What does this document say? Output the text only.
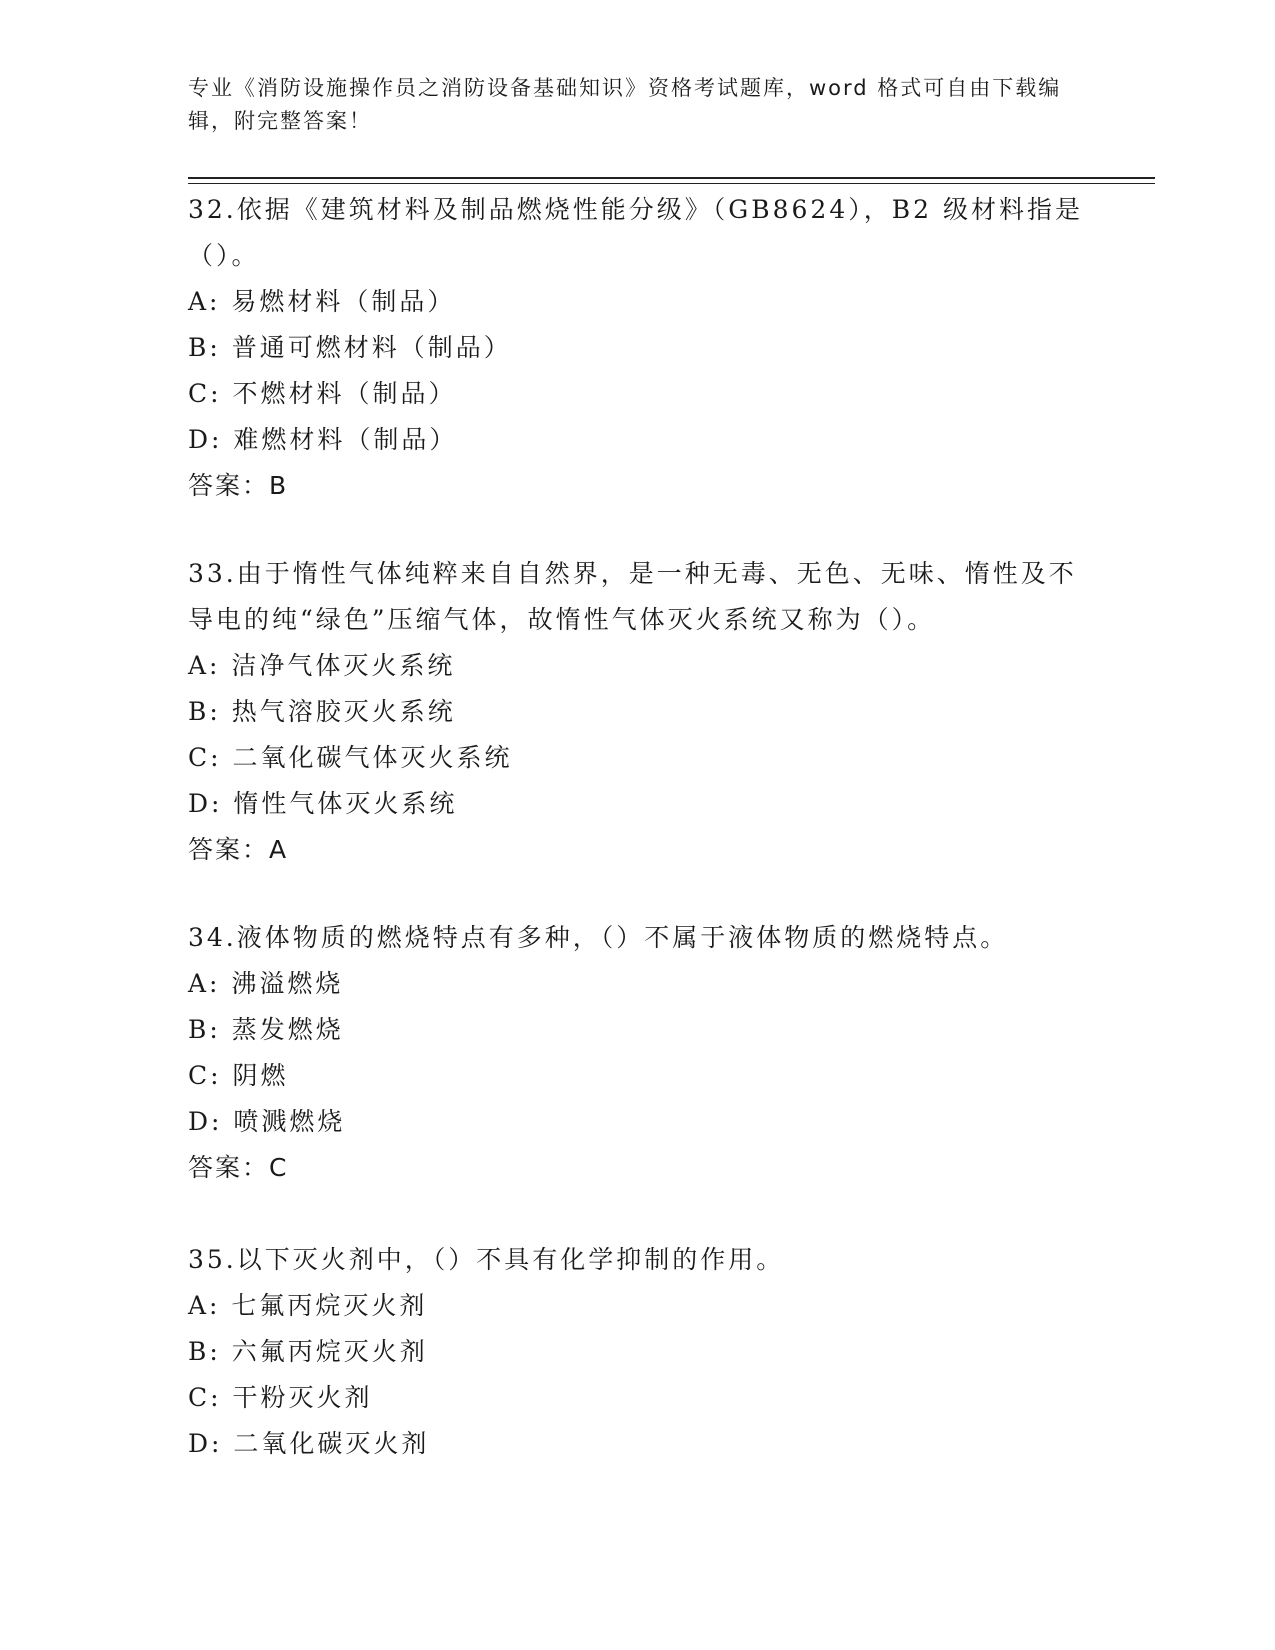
专业《消防设施操作员之消防设备基础知识》资格考试题库，word 格式可自由下载编辑，附完整答案！

32.依据《建筑材料及制品燃烧性能分级》（GB8624），B2 级材料指是（）。

A: 易燃材料（制品）

B: 普通可燃材料（制品）

C: 不燃材料（制品）

D: 难燃材料（制品）

答案：B

33.由于惰性气体纯粹来自自然界，是一种无毒、无色、无味、惰性及不导电的纯“绿色”压缩气体，故惰性气体灭火系统又称为（）。

A: 洁净气体灭火系统

B: 热气溶胶灭火系统

C: 二氧化碳气体灭火系统

D: 惰性气体灭火系统

答案：A

34.液体物质的燃烧特点有多种，（）不属于液体物质的燃烧特点。

A: 沸溢燃烧

B: 蒸发燃烧

C: 阴燃

D: 喷溅燃烧

答案：C

35.以下灭火剂中，（）不具有化学抑制的作用。

A: 七氟丙烷灭火剂

B: 六氟丙烷灭火剂

C: 干粉灭火剂

D: 二氧化碳灭火剂
